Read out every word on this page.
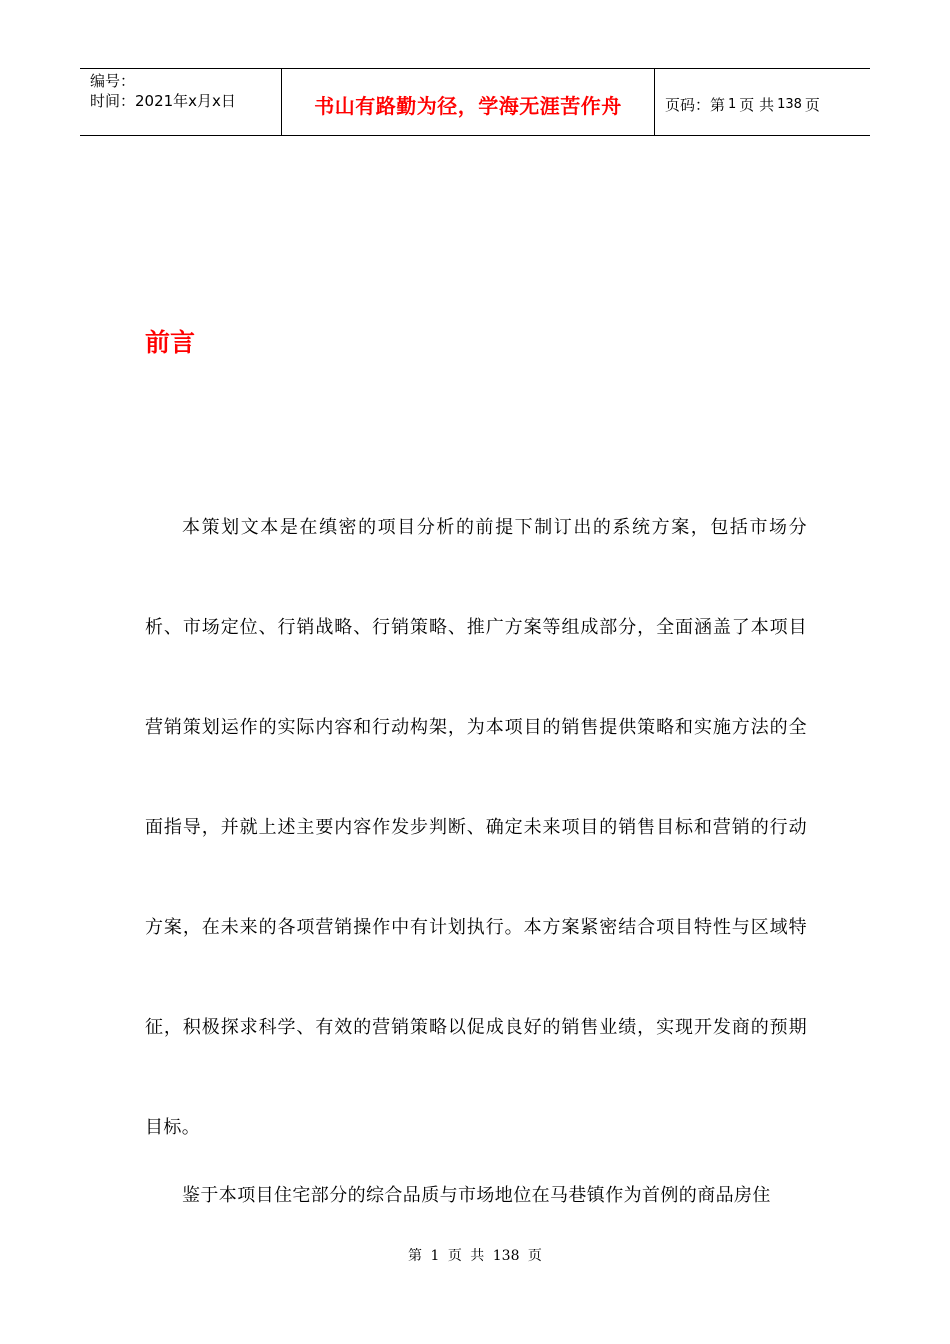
编号：
时间：2021年x月x日	书山有路勤为径，学海无涯苦作舟	页码：第 1 页 共 138 页
前言

本策划文本是在缜密的项目分析的前提下制订出的系统方案，包括市场分析、市场定位、行销战略、行销策略、推广方案等组成部分，全面涵盖了本项目营销策划运作的实际内容和行动构架，为本项目的销售提供策略和实施方法的全面指导，并就上述主要内容作发步判断、确定未来项目的销售目标和营销的行动方案，在未来的各项营销操作中有计划执行。本方案紧密结合项目特性与区域特征，积极探求科学、有效的营销策略以促成良好的销售业绩，实现开发商的预期目标。

鉴于本项目住宅部分的综合品质与市场地位在马巷镇作为首例的商品房住

第 1 页 共 138 页
